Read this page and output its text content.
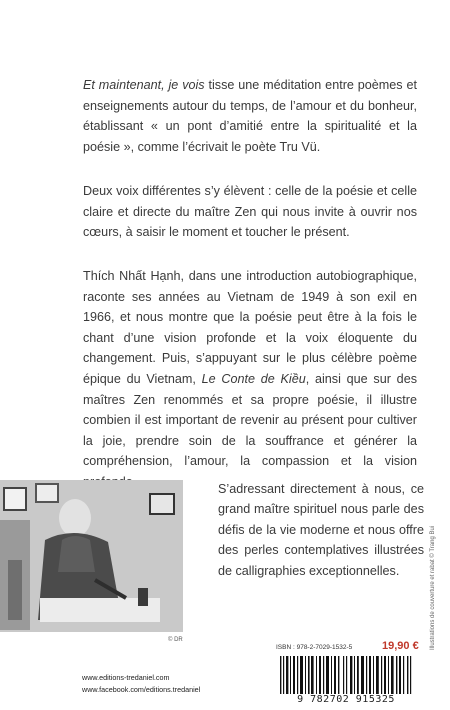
Et maintenant, je vois tisse une méditation entre poèmes et enseignements autour du temps, de l’amour et du bonheur, établissant « un pont d’amitié entre la spiritualité et la poésie », comme l’écrivait le poète Tru Vü.

Deux voix différentes s’y élèvent : celle de la poésie et celle claire et directe du maître Zen qui nous invite à ouvrir nos cœurs, à saisir le moment et toucher le présent.

Thích Nhất Hạnh, dans une introduction autobiographique, raconte ses années au Vietnam de 1949 à son exil en 1966, et nous montre que la poésie peut être à la fois le chant d’une vision profonde et la voix éloquente du changement. Puis, s’appuyant sur le plus célèbre poème épique du Vietnam, Le Conte de Kiều, ainsi que sur des maîtres Zen renommés et sa propre poésie, il illustre combien il est important de revenir au présent pour cultiver la joie, prendre soin de la souffrance et générer la compréhension, l’amour, la compassion et la vision

© DR

S’adressant directement à nous, ce grand maître spirituel nous parle des défis de la vie moderne et nous offre des perles contemplatives illustrées de calligraphies exceptionnelles.	Illustrations de couverture et rabat © Trang Bui
ISBN : 978-2-7029-1532-5	19,90 €
9 782702 915325
www.editions-tredaniel.com
www.facebook.com/editions.tredaniel
